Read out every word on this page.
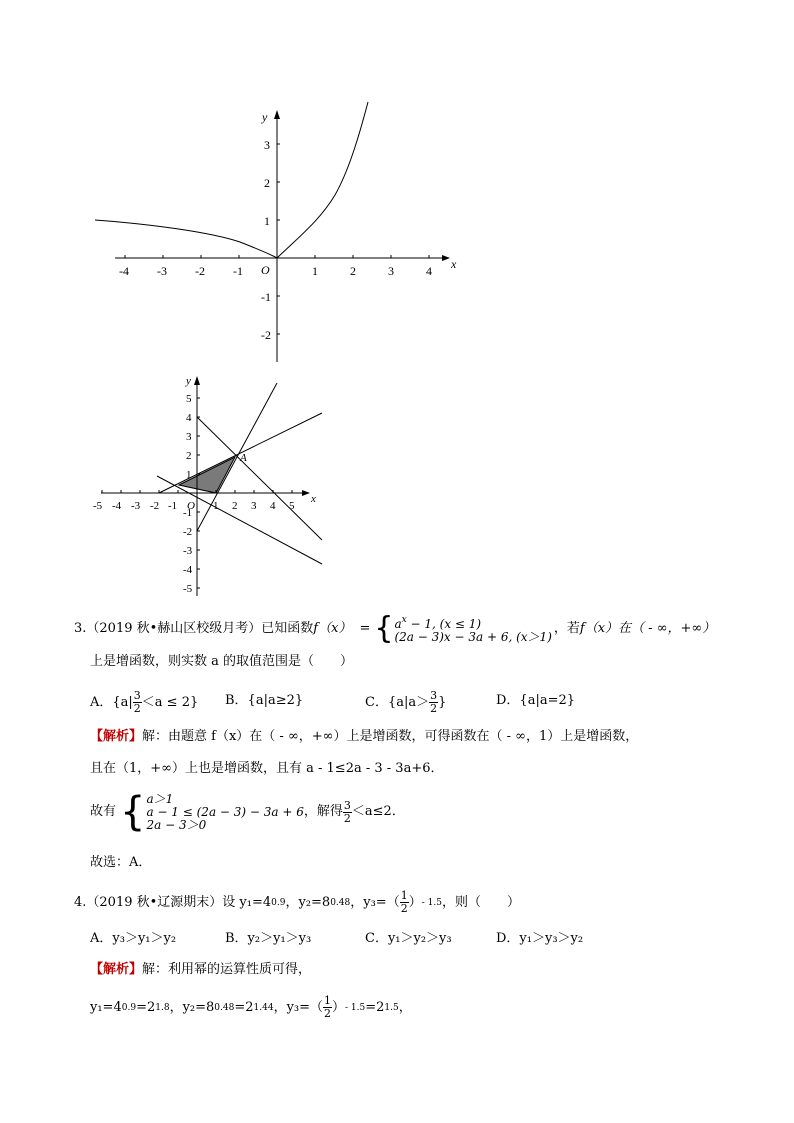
-4 -3 -2 -1	1	2	3	4
3
2
1
-1
-2
O	x
y
-5 -4 -3 -2 -1	1 2 3 4 5
5
4
3
2
1
-1
-2
-3
-4
-5
O
x
y
A
3.（2019 秋•赫山区校级月考）已知函数 f（x） = { $a^x - 1$, (x ≤ 1)
(2a − 3)x − 3a + 6, (x＞1)
，若 f（x）在（ - ∞，+∞）
上是增函数，则实数 a 的取值范围是（　　）
A．$\{a| \frac{3}{2} <a \le 2\}$ B．{a|a≥2}	C．{$a|a> \frac{3}{2}$ }	D．{a|a=2}
【解析】解：由题意 f（x）在（ - ∞，+∞）上是增函数，可得函数在（ - ∞，1）上是增函数，
且在（1，+∞）上也是增函数，且有 a - 1≤2a - 3 - 3a+6．
故有 { a＞1
a − 1 ≤ (2a − 3) − 3a + 6
2a − 3＞0
，解得 $\frac{3}{2} <a\le 2$．
故选：A．
4.（2019 秋•辽源期末）设 y₁=4 0.9 ，y₂=8 0.48 ，$y_3=( \frac{1}{2}$ ） - 1.5 ，则（　　）
A．y₃＞y₁＞y₂	B．y₂＞y₁＞y₃	C．y₁＞y₂＞y₃	D．y₁＞y₃＞y₂
【解析】解：利用幂的运算性质可得，
y₁=4 0.9 =2 1.8 ，y₂=8 0.48 =2 1.44 ，$y_3=( \frac{1}{2}$ ） - 1.5 =2 1.5 ，
